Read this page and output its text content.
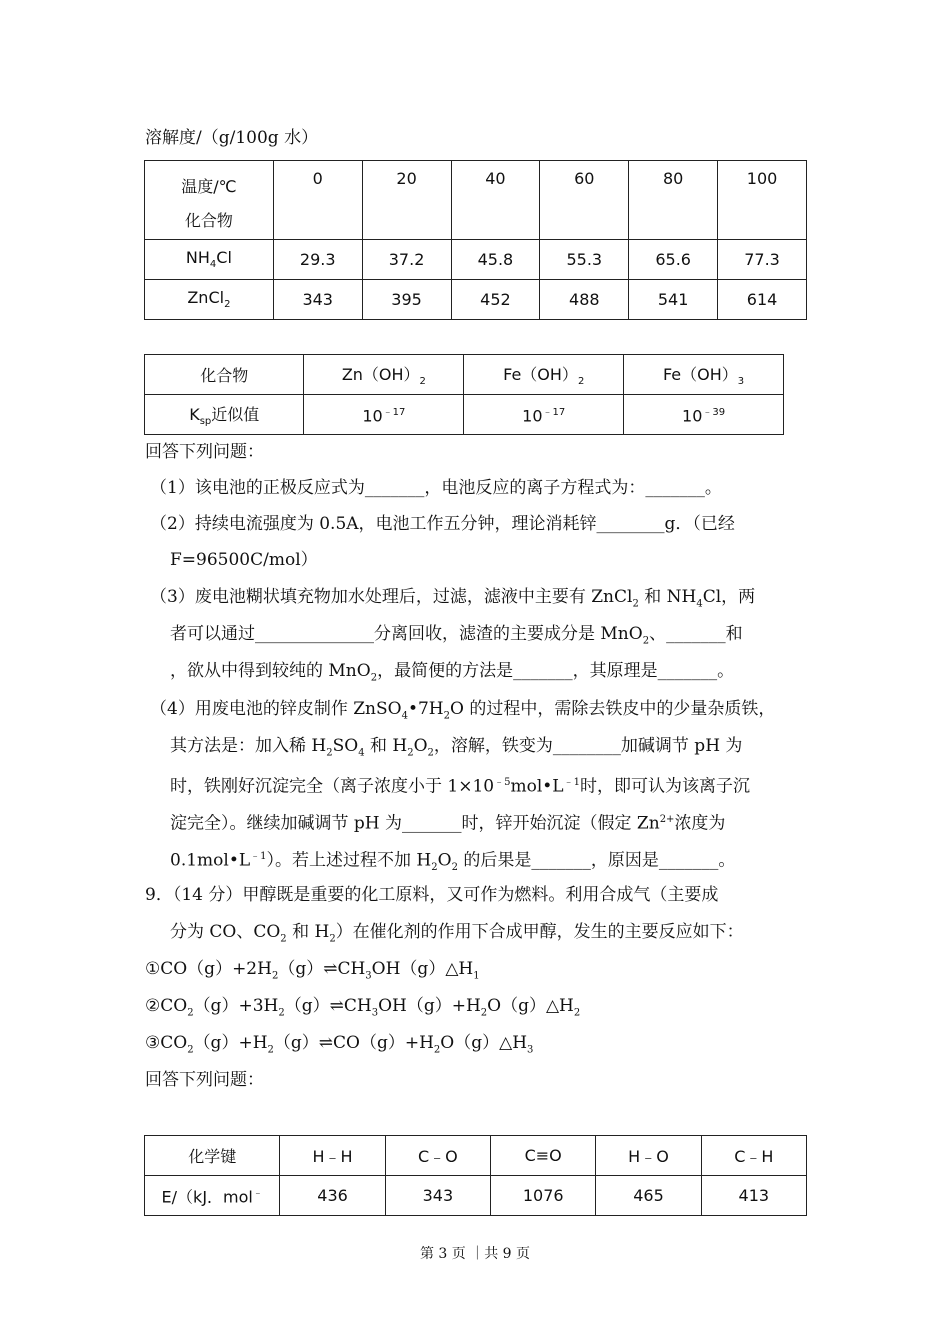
溶解度/（g/100g 水）
温度/℃
化合物	0	20	40	60	80	100
$NH_4Cl$	29.3	37.2	45.8	55.3	65.6	77.3
ZnCl$_2$	343	395	452	488	541	614
化合物	$Zn(OH)_2$	$Fe(OH)_2$	$Fe(OH)_3$
$K_{sp}$近似值	$10^{﹣17}$	$10^{﹣17}$	$10^{﹣39}$
回答下列问题：
（1）该电池的正极反应式为_______，电池反应的离子方程式为：_______。
（2）持续电流强度为 0.5A，电池工作五分钟，理论消耗锌________g．（已经
F=96500C/mol）
（3）废电池糊状填充物加水处理后，过滤，滤液中主要有 ZnCl$_2$ 和 $NH_4Cl$，两
者可以通过______________分离回收，滤渣的主要成分是 MnO$_2$、_______和
，欲从中得到较纯的 MnO$_2$，最简便的方法是_______，其原理是_______。
（4）用废电池的锌皮制作 $ZnSO_4•7H_2O$ 的过程中，需除去铁皮中的少量杂质铁，
其方法是：加入稀 $H_2SO_4$ 和 $H_2O_2$，溶解，铁变为________加碱调节 pH 为
时，铁刚好沉淀完全（离子浓度小于 $1\times 10^{﹣5}mol•L^{﹣1}$时，即可认为该离子沉
淀完全）。继续加碱调节 pH 为_______时，锌开始沉淀（假定 $Zn^{2+}$浓度为
$0.1mol•L^{﹣1}$）。若上述过程不加 $H_2O_2$ 的后果是_______，原因是_______。
9．（14 分）甲醇既是重要的化工原料，又可作为燃料。利用合成气（主要成
分为 CO、$CO_2$ 和 $H_2$）在催化剂的作用下合成甲醇，发生的主要反应如下：
$①CO(g)+2H_2(g)\rightleftharpoons CH_3OH(g)\triangle H_1$
$②CO_2(g)+3H_2(g)\rightleftharpoons CH_3OH(g)+H_2O(g)\triangle H_2$
$③CO_2(g)+H_2(g)\rightleftharpoons CO(g)+H_2O(g)\triangle H_3$
回答下列问题：
化学键	H﹣H	C﹣O	C≡O	H﹣O	C﹣H
E/（kJ．mol﹣	436	343	1076	465	413
第 3 页 ｜共 9 页
